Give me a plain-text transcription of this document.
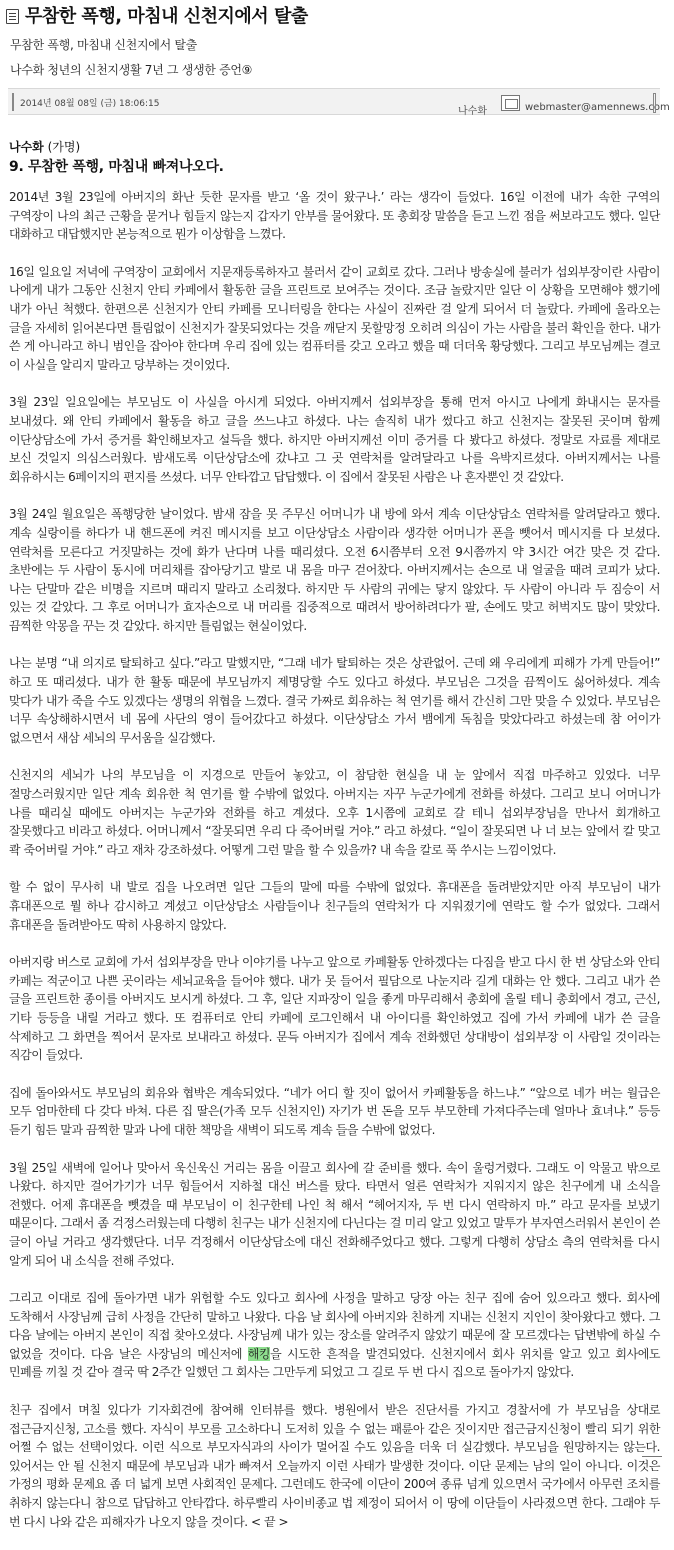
무참한 폭행, 마침내 신천지에서 탈출
무참한 폭행, 마침내 신천지에서 탈출
나수화 청년의 신천지생활 7년 그 생생한 증언⑨
2014년 08월 08일 (금) 18:06:15
나수화	webmaster@amennews.com
나수화 (가명)
9. 무참한 폭행, 마침내 빠져나오다.

2014년 3월 23일에 아버지의 화난 듯한 문자를 받고 ‘올 것이 왔구나.’ 라는 생각이 들었다. 16일 이전에 내가 속한 구역의 구역장이 나의 최근 근황을 묻거나 힘들지 않는지 갑자기 안부를 물어왔다. 또 총회장 말씀을 듣고 느낀 점을 써보라고도 했다. 일단 대화하고 대답했지만 본능적으로 뭔가 이상함을 느꼈다.

16일 일요일 저녁에 구역장이 교회에서 지문재등록하자고 불러서 같이 교회로 갔다. 그러나 방송실에 불러가 섭외부장이란 사람이 나에게 내가 그동안 신천지 안티 카페에서 활동한 글을 프린트로 보여주는 것이다. 조금 놀랐지만 일단 이 상황을 모면해야 했기에 내가 아닌 척했다. 한편으론 신천지가 안티 카페를 모니터링을 한다는 사실이 진짜란 걸 알게 되어서 더 놀랐다. 카페에 올라오는 글을 자세히 읽어본다면 틀림없이 신천지가 잘못되었다는 것을 깨닫지 못할망정 오히려 의심이 가는 사람을 불러 확인을 한다. 내가 쓴 게 아니라고 하니 범인을 잡아야 한다며 우리 집에 있는 컴퓨터를 갖고 오라고 했을 때 더더욱 황당했다. 그리고 부모님께는 결코 이 사실을 알리지 말라고 당부하는 것이었다.

3월 23일 일요일에는 부모님도 이 사실을 아시게 되었다. 아버지께서 섭외부장을 통해 먼저 아시고 나에게 화내시는 문자를 보내셨다. 왜 안티 카페에서 활동을 하고 글을 쓰느냐고 하셨다. 나는 솔직히 내가 썼다고 하고 신천지는 잘못된 곳이며 함께 이단상담소에 가서 증거를 확인해보자고 설득을 했다. 하지만 아버지께선 이미 증거를 다 봤다고 하셨다. 정말로 자료를 제대로 보신 것일지 의심스러웠다. 밤새도록 이단상담소에 갔냐고 그 곳 연락처를 알려달라고 나를 윽박지르셨다. 아버지께서는 나를 회유하시는 6페이지의 편지를 쓰셨다. 너무 안타깝고 답답했다. 이 집에서 잘못된 사람은 나 혼자뿐인 것 같았다.

3월 24일 월요일은 폭행당한 날이었다. 밤새 잠을 못 주무신 어머니가 내 방에 와서 계속 이단상담소 연락처를 알려달라고 했다. 계속 실랑이를 하다가 내 핸드폰에 켜진 메시지를 보고 이단상담소 사람이라 생각한 어머니가 폰을 뺏어서 메시지를 다 보셨다. 연락처를 모른다고 거짓말하는 것에 화가 난다며 나를 때리셨다. 오전 6시쯤부터 오전 9시쯤까지 약 3시간 여간 맞은 것 같다. 초반에는 두 사람이 동시에 머리채를 잡아당기고 발로 내 몸을 마구 걷어찼다. 아버지께서는 손으로 내 얼굴을 때려 코피가 났다. 나는 단말마 같은 비명을 지르며 때리지 말라고 소리쳤다. 하지만 두 사람의 귀에는 닿지 않았다. 두 사람이 아니라 두 짐승이 서 있는 것 같았다. 그 후로 어머니가 효자손으로 내 머리를 집중적으로 때려서 방어하려다가 팔, 손에도 맞고 허벅지도 많이 맞았다. 끔찍한 악몽을 꾸는 것 같았다. 하지만 틀림없는 현실이었다.

나는 분명 “내 의지로 탈퇴하고 싶다.”라고 말했지만, “그래 네가 탈퇴하는 것은 상관없어. 근데 왜 우리에게 피해가 가게 만들어!” 하고 또 때리셨다. 내가 한 활동 때문에 부모님까지 제명당할 수도 있다고 하셨다. 부모님은 그것을 끔찍이도 싫어하셨다. 계속 맞다가 내가 죽을 수도 있겠다는 생명의 위협을 느꼈다. 결국 가짜로 회유하는 척 연기를 해서 간신히 그만 맞을 수 있었다. 부모님은 너무 속상해하시면서 네 몸에 사단의 영이 들어갔다고 하셨다. 이단상담소 가서 뱀에게 독침을 맞았다라고 하셨는데 참 어이가 없으면서 새삼 세뇌의 무서움을 실감했다.

신천지의 세뇌가 나의 부모님을 이 지경으로 만들어 놓았고, 이 참담한 현실을 내 눈 앞에서 직접 마주하고 있었다. 너무 절망스러웠지만 일단 계속 회유한 척 연기를 할 수밖에 없었다. 아버지는 자꾸 누군가에게 전화를 하셨다. 그리고 보니 어머니가 나를 때리실 때에도 아버지는 누군가와 전화를 하고 계셨다. 오후 1시쯤에 교회로 갈 테니 섭외부장님을 만나서 회개하고 잘못했다고 비라고 하셨다. 어머니께서 “잘못되면 우리 다 죽어버릴 거야.” 라고 하셨다. “일이 잘못되면 나 너 보는 앞에서 칼 맞고 콱 죽어버릴 거야.” 라고 재차 강조하셨다. 어떻게 그런 말을 할 수 있을까? 내 속을 칼로 푹 쑤시는 느낌이었다.

할 수 없이 무사히 내 발로 집을 나오려면 일단 그들의 말에 따를 수밖에 없었다. 휴대폰을 돌려받았지만 아직 부모님이 내가 휴대폰으로 뭘 하나 감시하고 계셨고 이단상담소 사람들이나 친구들의 연락처가 다 지워졌기에 연락도 할 수가 없었다. 그래서 휴대폰을 돌려받아도 딱히 사용하지 않았다.

아버지랑 버스로 교회에 가서 섭외부장을 만나 이야기를 나누고 앞으로 카페활동 안하겠다는 다짐을 받고 다시 한 번 상담소와 안티 카페는 적군이고 나쁜 곳이라는 세뇌교육을 들어야 했다. 내가 못 들어서 필담으로 나눈지라 길게 대화는 안 했다. 그리고 내가 쓴 글을 프린트한 종이를 아버지도 보시게 하셨다. 그 후, 일단 지파장이 일을 좋게 마무리해서 총회에 올릴 테니 총회에서 경고, 근신, 기타 등등을 내릴 거라고 했다. 또 컴퓨터로 안티 카페에 로그인해서 내 아이디를 확인하였고 집에 가서 카페에 내가 쓴 글을 삭제하고 그 화면을 찍어서 문자로 보내라고 하셨다. 문득 아버지가 집에서 계속 전화했던 상대방이 섭외부장 이 사람일 것이라는 직감이 들었다.

집에 돌아와서도 부모님의 회유와 협박은 계속되었다. “네가 어디 할 짓이 없어서 카페활동을 하느냐.” “앞으로 네가 버는 월급은 모두 엄마한테 다 갖다 바쳐. 다른 집 딸은(가족 모두 신천지인) 자기가 번 돈을 모두 부모한테 가져다주는데 얼마나 효녀냐.” 등등 듣기 힘든 말과 끔찍한 말과 나에 대한 책망을 새벽이 되도록 계속 들을 수밖에 없었다.

3월 25일 새벽에 일어나 맞아서 욱신욱신 거리는 몸을 이끌고 회사에 갈 준비를 했다. 속이 울렁거렸다. 그래도 이 악물고 밖으로 나왔다. 하지만 걸어가기가 너무 힘들어서 지하철 대신 버스를 탔다. 타면서 얼른 연락처가 지워지지 않은 친구에게 내 소식을 전했다. 어제 휴대폰을 뺏겼을 때 부모님이 이 친구한테 나인 척 해서 “헤어지자, 두 번 다시 연락하지 마.” 라고 문자를 보냈기 때문이다. 그래서 좀 걱정스러웠는데 다행히 친구는 내가 신천지에 다닌다는 걸 미리 알고 있었고 말투가 부자연스러워서 본인이 쓴 글이 아닐 거라고 생각했단다. 너무 걱정해서 이단상담소에 대신 전화해주었다고 했다. 그렇게 다행히 상담소 측의 연락처를 다시 알게 되어 내 소식을 전해 주었다.

그리고 이대로 집에 돌아가면 내가 위험할 수도 있다고 회사에 사정을 말하고 당장 아는 친구 집에 숨어 있으라고 했다. 회사에 도착해서 사장님께 급히 사정을 간단히 말하고 나왔다. 다음 날 회사에 아버지와 친하게 지내는 신천지 지인이 찾아왔다고 했다. 그 다음 날에는 아버지 본인이 직접 찾아오셨다. 사장님께 내가 있는 장소를 알려주지 않았기 때문에 잘 모르겠다는 답변밖에 하실 수 없었을 것이다. 다음 날은 사장님의 메신저에 해킹을 시도한 흔적을 발견되었다. 신천지에서 회사 위치를 알고 있고 회사에도 민폐를 끼칠 것 같아 결국 딱 2주간 일했던 그 회사는 그만두게 되었고 그 길로 두 번 다시 집으로 돌아가지 않았다.

친구 집에서 며칠 있다가 기자회견에 참여해 인터뷰를 했다. 병원에서 받은 진단서를 가지고 경찰서에 가 부모님을 상대로 접근금지신청, 고소를 했다. 자식이 부모를 고소하다니 도저히 있을 수 없는 패륜아 같은 짓이지만 접근금지신청이 빨리 되기 위한 어쩔 수 없는 선택이었다. 이런 식으로 부모자식과의 사이가 멀어질 수도 있음을 더욱 더 실감했다. 부모님을 원망하지는 않는다. 있어서는 안 될 신천지 때문에 부모님과 내가 빠져서 오늘까지 이런 사태가 발생한 것이다. 이단 문제는 남의 일이 아니다. 이것은 가정의 평화 문제요 좀 더 넓게 보면 사회적인 문제다. 그런데도 한국에 이단이 200여 종류 넘게 있으면서 국가에서 아무런 조치를 취하지 않는다니 참으로 답답하고 안타깝다. 하루빨리 사이비종교 법 제정이 되어서 이 땅에 이단들이 사라졌으면 한다. 그래야 두 번 다시 나와 같은 피해자가 나오지 않을 것이다. < 끝 >
